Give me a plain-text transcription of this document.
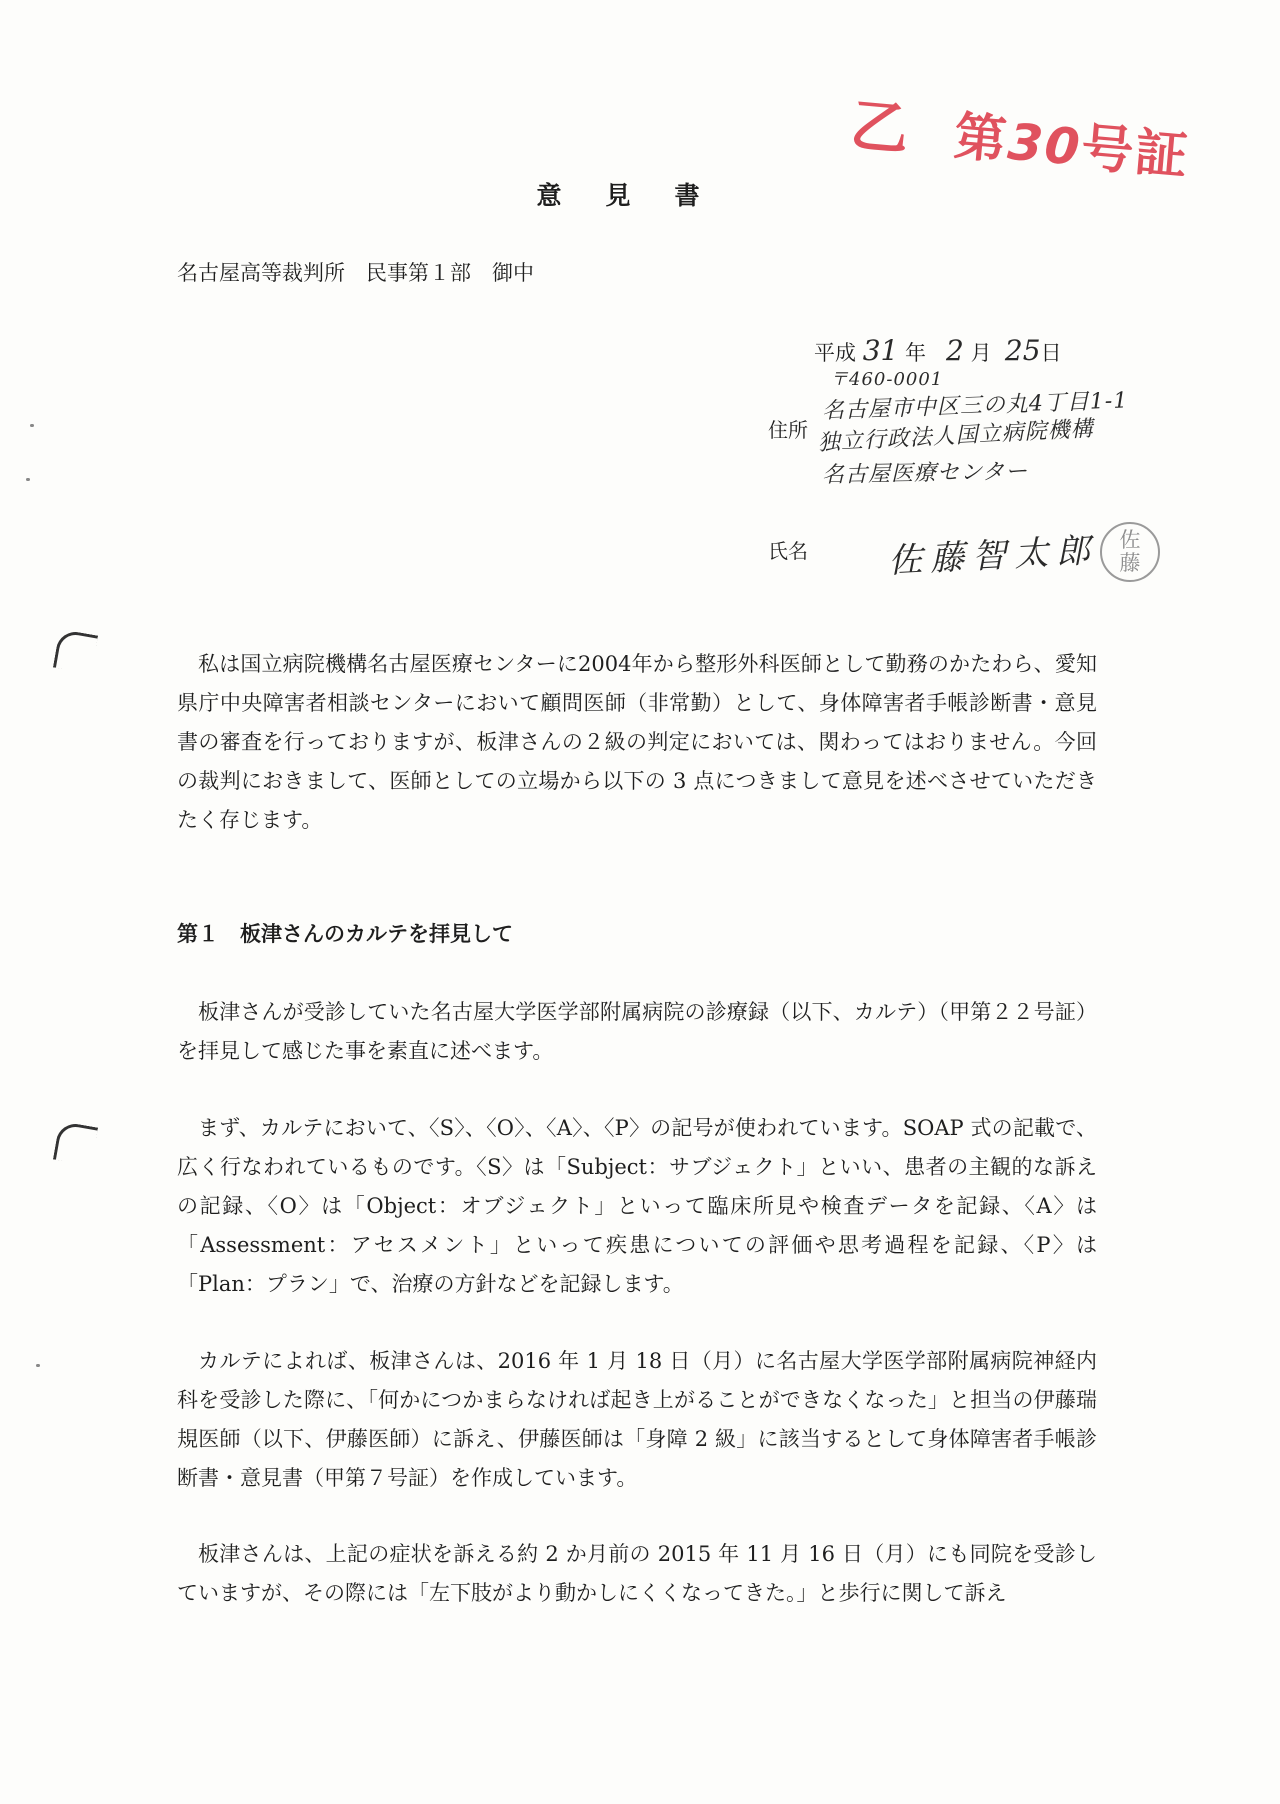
乙 第30号証
意見書
名古屋高等裁判所　民事第１部　御中
平成 31 年 2 月 25日
住所
〒460-0001
名古屋市中区三の丸4丁目1-1
独立行政法人国立病院機構
名古屋医療センター
氏名 佐藤智太郎 佐
藤

私は国立病院機構名古屋医療センターに2004年から整形外科医師として勤務のかたわら、愛知県庁中央障害者相談センターにおいて顧問医師（非常勤）として、身体障害者手帳診断書・意見書の審査を行っておりますが、板津さんの２級の判定においては、関わってはおりません。今回の裁判におきまして、医師としての立場から以下の 3 点につきまして意見を述べさせていただきたく存じます。

第１　板津さんのカルテを拝見して

板津さんが受診していた名古屋大学医学部附属病院の診療録（以下、カルテ）（甲第２２号証）を拝見して感じた事を素直に述べます。

まず、カルテにおいて、〈S〉、〈O〉、〈A〉、〈P〉の記号が使われています。SOAP 式の記載で、広く行なわれているものです。〈S〉は「Subject：サブジェクト」といい、患者の主観的な訴えの記録、〈O〉は「Object：オブジェクト」といって臨床所見や検査データを記録、〈A〉は「Assessment：アセスメント」といって疾患についての評価や思考過程を記録、〈P〉は「Plan：プラン」で、治療の方針などを記録します。

カルテによれば、板津さんは、2016 年 1 月 18 日（月）に名古屋大学医学部附属病院神経内科を受診した際に、「何かにつかまらなければ起き上がることができなくなった」と担当の伊藤瑞規医師（以下、伊藤医師）に訴え、伊藤医師は「身障 2 級」に該当するとして身体障害者手帳診断書・意見書（甲第７号証）を作成しています。

板津さんは、上記の症状を訴える約 2 か月前の 2015 年 11 月 16 日（月）にも同院を受診していますが、その際には「左下肢がより動かしにくくなってきた。」と歩行に関して訴え
